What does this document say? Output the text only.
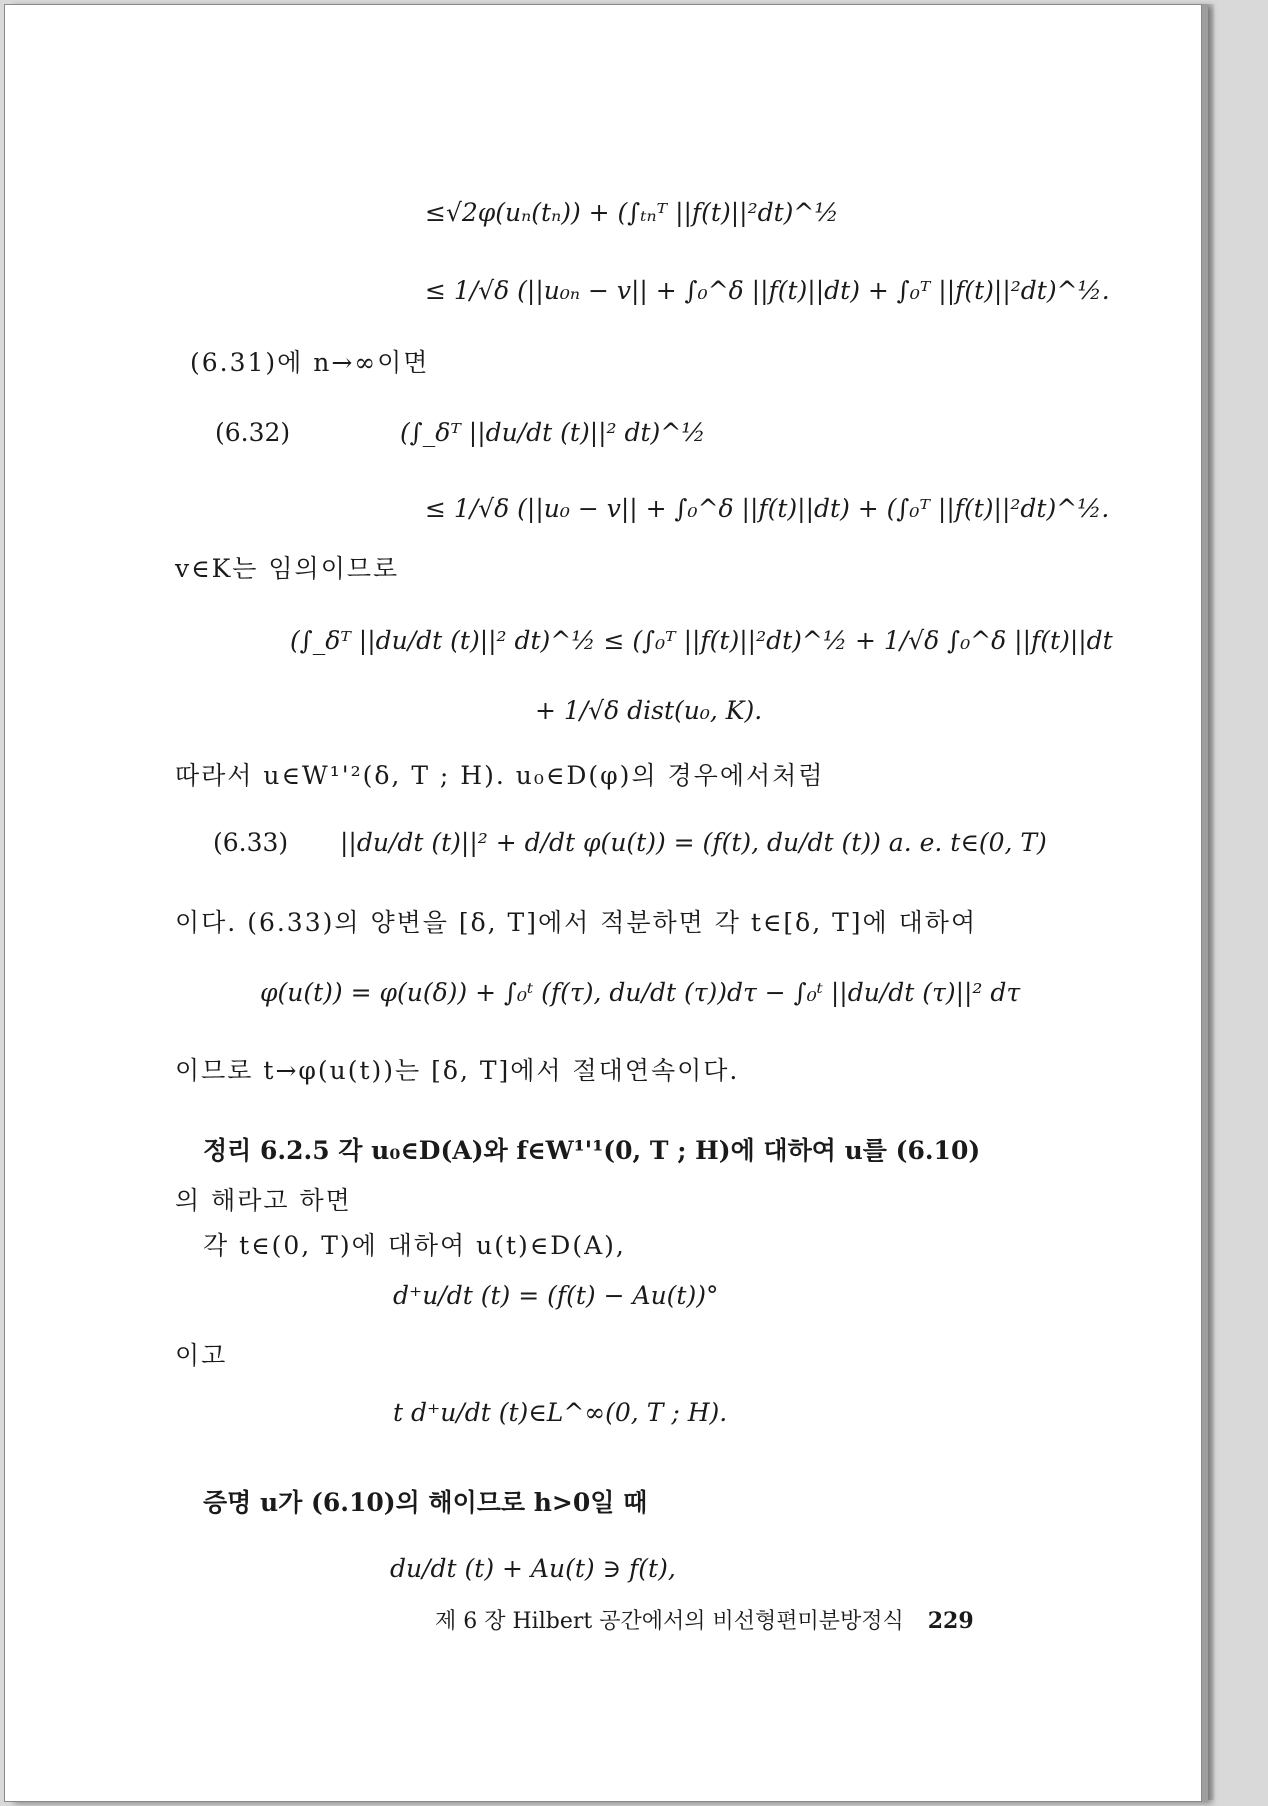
≤√2φ(uₙ(tₙ)) + (∫ₜₙᵀ ||f(t)||²dt)^½
≤ 1/√δ (||u₀ₙ − v|| + ∫₀^δ ||f(t)||dt) + ∫₀ᵀ ||f(t)||²dt)^½.
(6.31)에 n→∞이면
(6.32)	(∫_δᵀ ||du/dt (t)||² dt)^½
≤ 1/√δ (||u₀ − v|| + ∫₀^δ ||f(t)||dt) + (∫₀ᵀ ||f(t)||²dt)^½.
v∈K는 임의이므로
(∫_δᵀ ||du/dt (t)||² dt)^½ ≤ (∫₀ᵀ ||f(t)||²dt)^½ + 1/√δ ∫₀^δ ||f(t)||dt
+ 1/√δ dist(u₀, K).
따라서 u∈W¹'²(δ, T ; H). u₀∈D(φ)의 경우에서처럼
(6.33) ||du/dt (t)||² + d/dt φ(u(t)) = (f(t), du/dt (t)) a. e. t∈(0, T)
이다. (6.33)의 양변을 [δ, T]에서 적분하면 각 t∈[δ, T]에 대하여
φ(u(t)) = φ(u(δ)) + ∫₀ᵗ (f(τ), du/dt (τ))dτ − ∫₀ᵗ ||du/dt (τ)||² dτ
이므로 t→φ(u(t))는 [δ, T]에서 절대연속이다.
정리 6.2.5 각 u₀∈D(A)와 f∈W¹'¹(0, T ; H)에 대하여 u를 (6.10)
의 해라고 하면
각 t∈(0, T)에 대하여 u(t)∈D(A),
d⁺u/dt (t) = (f(t) − Au(t))°
이고
t d⁺u/dt (t)∈L^∞(0, T ; H).
증명 u가 (6.10)의 해이므로 h>0일 때
du/dt (t) + Au(t) ∋ f(t),
제 6 장 Hilbert 공간에서의 비선형편미분방정식 229
